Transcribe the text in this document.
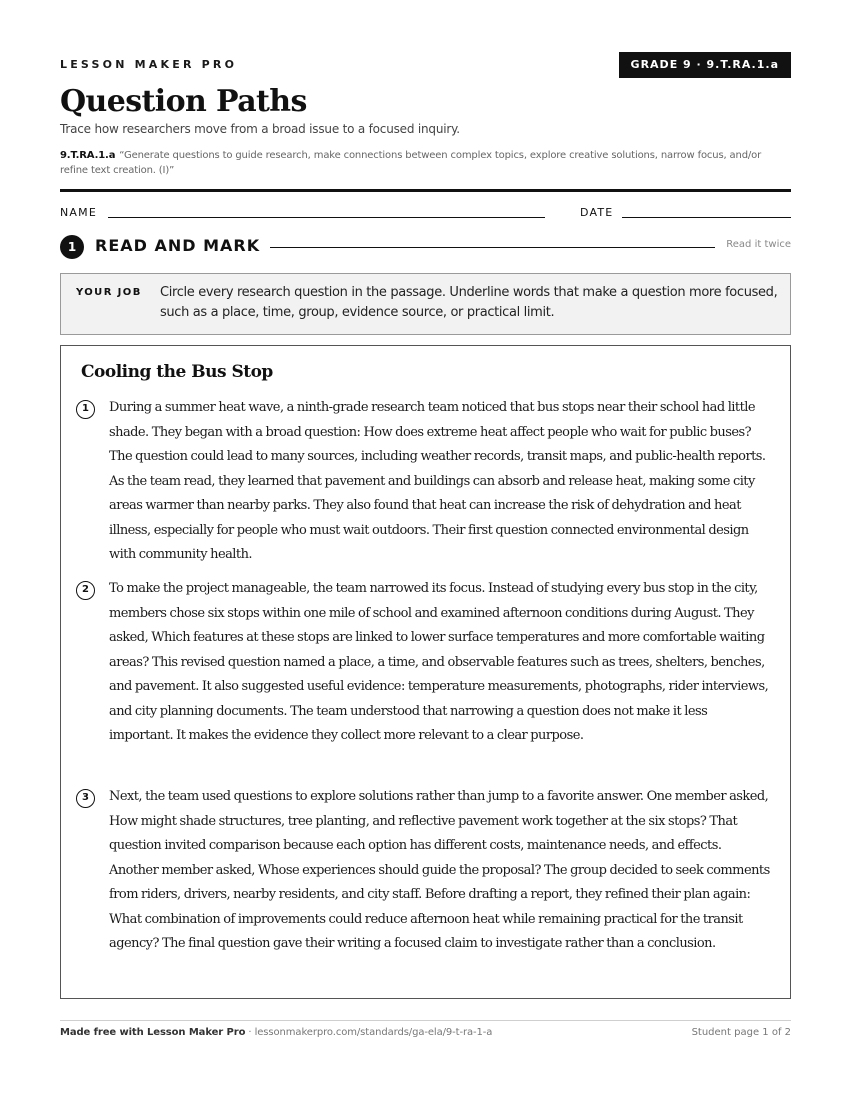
LESSON MAKER PRO	GRADE 9 · 9.T.RA.1.a
Question Paths
Trace how researchers move from a broad issue to a focused inquiry.
9.T.RA.1.a “Generate questions to guide research, make connections between complex topics, explore creative solutions, narrow focus, and/or refine text creation. (I)”
NAME	DATE
1	READ AND MARK	Read it twice
YOUR JOB Circle every research question in the passage. Underline words that make a question more focused, such as a place, time, group, evidence source, or practical limit.
Cooling the Bus Stop
1	During a summer heat wave, a ninth-grade research team noticed that bus stops near their school had little shade. They began with a broad question: How does extreme heat affect people who wait for public buses? The question could lead to many sources, including weather records, transit maps, and public-health reports. As the team read, they learned that pavement and buildings can absorb and release heat, making some city areas warmer than nearby parks. They also found that heat can increase the risk of dehydration and heat illness, especially for people who must wait outdoors. Their first question connected environmental design with community health.
2	To make the project manageable, the team narrowed its focus. Instead of studying every bus stop in the city, members chose six stops within one mile of school and examined afternoon conditions during August. They asked, Which features at these stops are linked to lower surface temperatures and more comfortable waiting areas? This revised question named a place, a time, and observable features such as trees, shelters, benches, and pavement. It also suggested useful evidence: temperature measurements, photographs, rider interviews, and city planning documents. The team understood that narrowing a question does not make it less important. It makes the evidence they collect more relevant to a clear purpose.
3	Next, the team used questions to explore solutions rather than jump to a favorite answer. One member asked, How might shade structures, tree planting, and reflective pavement work together at the six stops? That question invited comparison because each option has different costs, maintenance needs, and effects. Another member asked, Whose experiences should guide the proposal? The group decided to seek comments from riders, drivers, nearby residents, and city staff. Before drafting a report, they refined their plan again: What combination of improvements could reduce afternoon heat while remaining practical for the transit agency? The final question gave their writing a focused claim to investigate rather than a conclusion.
Made free with Lesson Maker Pro · lessonmakerpro.com/standards/ga-ela/9-t-ra-1-a	Student page 1 of 2
